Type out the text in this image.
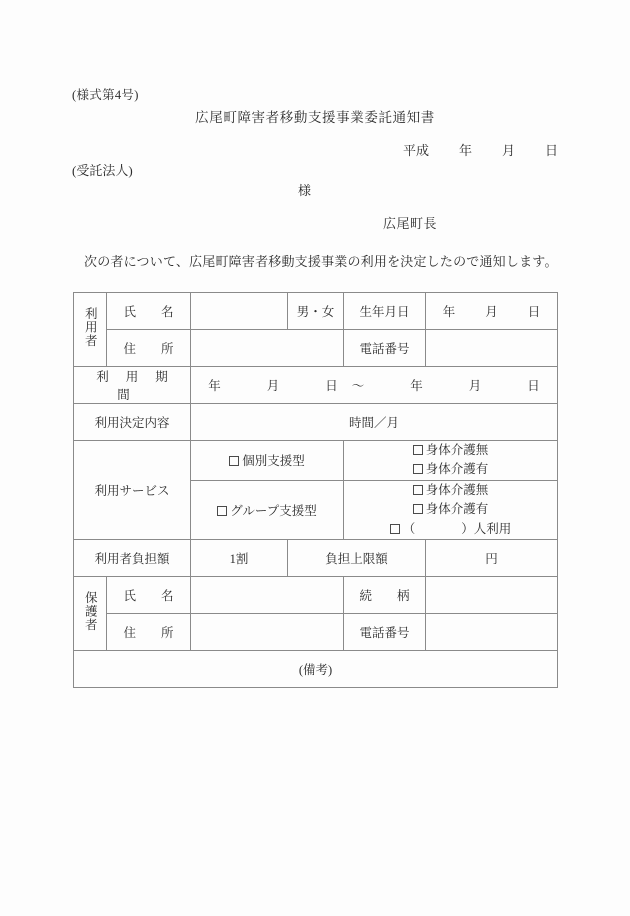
(様式第4号)
広尾町障害者移動支援事業委託通知書
平成 年 月 日
(受託法人)
様
広尾町長
次の者について、広尾町障害者移動支援事業の利用を決定したので通知します。
利用者	氏　　名		男・女	生年月日	年 月 日
	住　　所			電話番号	
利用期間		年 月 日 ～ 年 月 日			
利用決定内容		時間／月			
利用サービス		個別支援型		身体介護無
身体介護有	

		グループ支援型		身体介護無
身体介護有
（ ）人利用	

利用者負担額		1割	負担上限額		円
保護者	氏　　名			続　　柄	
	住　　所			電話番号	
(備考)					
